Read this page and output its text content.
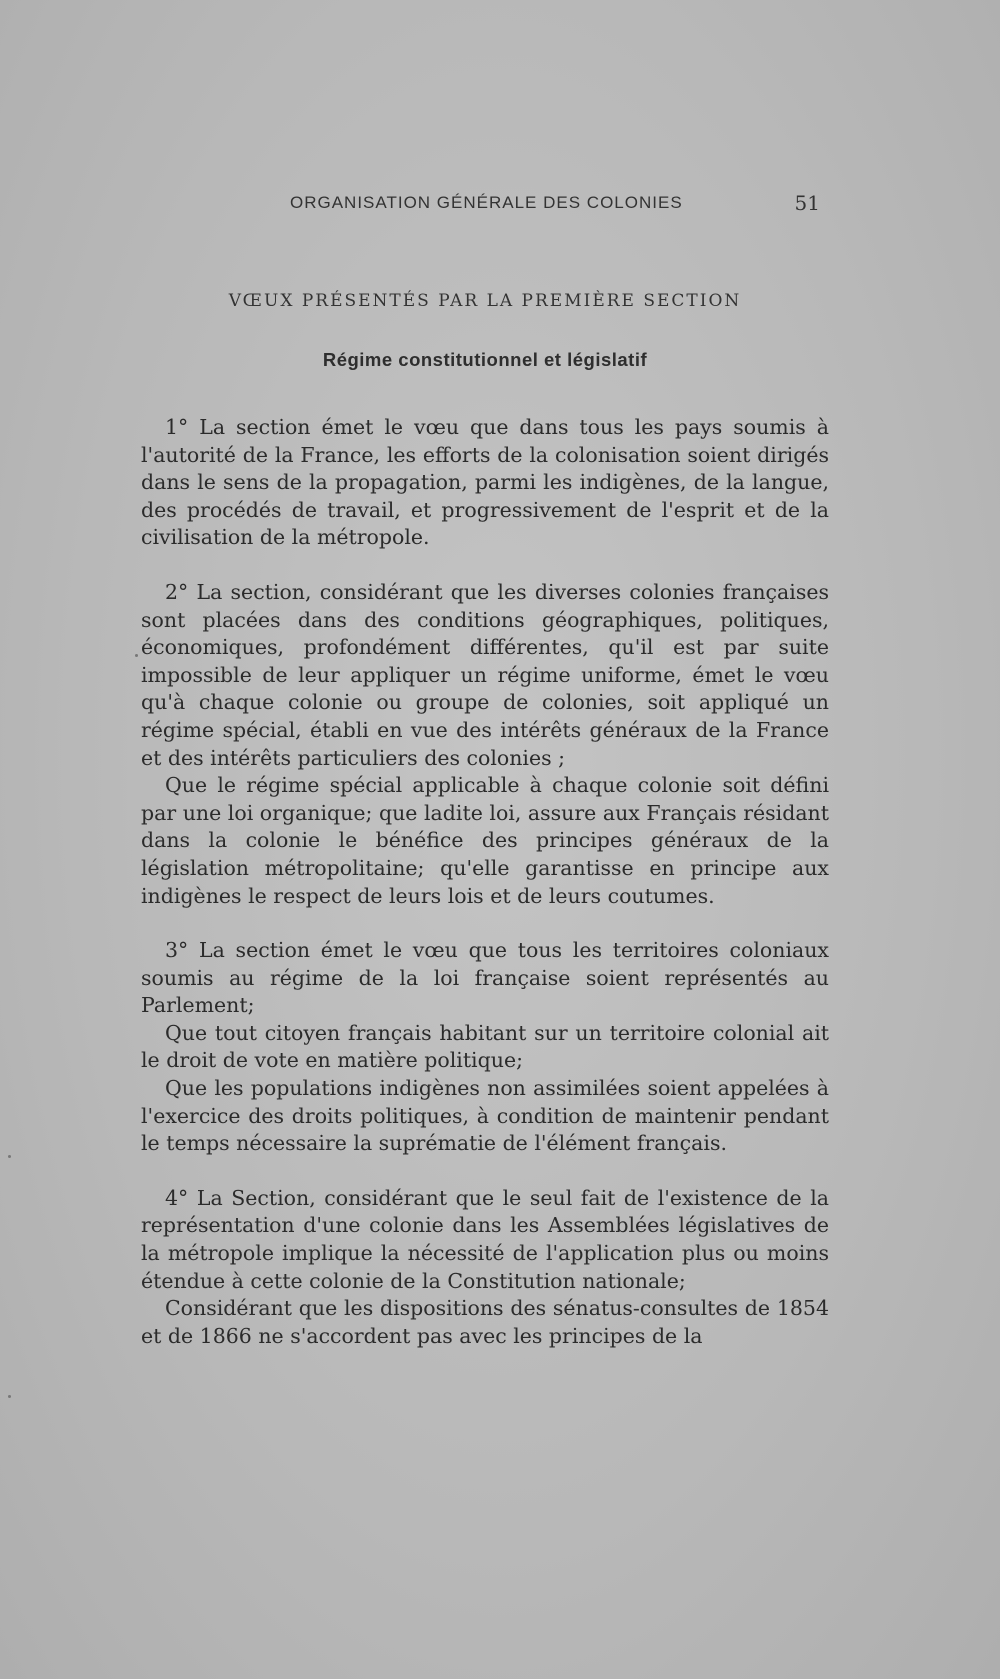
ORGANISATION GÉNÉRALE DES COLONIES	51
VŒUX PRÉSENTÉS PAR LA PREMIÈRE SECTION
Régime constitutionnel et législatif

1° La section émet le vœu que dans tous les pays soumis à l'autorité de la France, les efforts de la colonisation soient dirigés dans le sens de la propagation, parmi les indigènes, de la langue, des procédés de travail, et progressivement de l'esprit et de la civilisation de la métropole.

2° La section, considérant que les diverses colonies françaises sont placées dans des conditions géographiques, politiques, économiques, profondément différentes, qu'il est par suite impossible de leur appliquer un régime uniforme, émet le vœu qu'à chaque colonie ou groupe de colonies, soit appliqué un régime spécial, établi en vue des intérêts généraux de la France et des intérêts particuliers des colonies ;

Que le régime spécial applicable à chaque colonie soit défini par une loi organique; que ladite loi, assure aux Français résidant dans la colonie le bénéfice des principes généraux de la législation métropolitaine; qu'elle garantisse en principe aux indigènes le respect de leurs lois et de leurs coutumes.

3° La section émet le vœu que tous les territoires coloniaux soumis au régime de la loi française soient représentés au Parlement;

Que tout citoyen français habitant sur un territoire colonial ait le droit de vote en matière politique;

Que les populations indigènes non assimilées soient appelées à l'exercice des droits politiques, à condition de maintenir pendant le temps nécessaire la suprématie de l'élément français.

4° La Section, considérant que le seul fait de l'existence de la représentation d'une colonie dans les Assemblées législatives de la métropole implique la nécessité de l'application plus ou moins étendue à cette colonie de la Constitution nationale;

Considérant que les dispositions des sénatus-consultes de 1854 et de 1866 ne s'accordent pas avec les principes de la
